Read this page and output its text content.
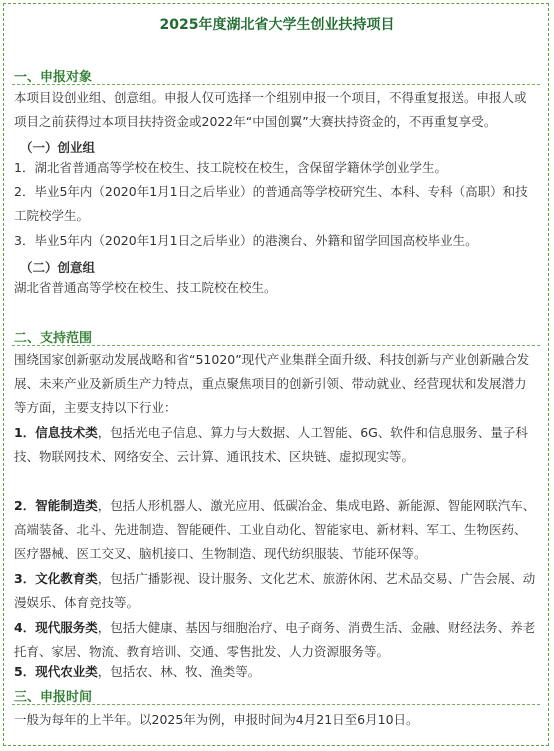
2025年度湖北省大学生创业扶持项目
一、申报对象
本项目设创业组、创意组。申报人仅可选择一个组别申报一个项目，不得重复报送。申报人或项目之前获得过本项目扶持资金或2022年“中国创翼”大赛扶持资金的，不再重复享受。
（一）创业组
1．湖北省普通高等学校在校生、技工院校在校生，含保留学籍休学创业学生。
2．毕业5年内（2020年1月1日之后毕业）的普通高等学校研究生、本科、专科（高职）和技工院校学生。
3．毕业5年内（2020年1月1日之后毕业）的港澳台、外籍和留学回国高校毕业生。
（二）创意组
湖北省普通高等学校在校生、技工院校在校生。
二、支持范围
围绕国家创新驱动发展战略和省“51020”现代产业集群全面升级、科技创新与产业创新融合发展、未来产业及新质生产力特点，重点聚焦项目的创新引领、带动就业、经营现状和发展潜力等方面，主要支持以下行业：
1．信息技术类，包括光电子信息、算力与大数据、人工智能、6G、软件和信息服务、量子科技、物联网技术、网络安全、云计算、通讯技术、区块链、虚拟现实等。
2．智能制造类，包括人形机器人、激光应用、低碳冶金、集成电路、新能源、智能网联汽车、高端装备、北斗、先进制造、智能硬件、工业自动化、智能家电、新材料、军工、生物医药、医疗器械、医工交叉、脑机接口、生物制造、现代纺织服装、节能环保等。
3．文化教育类，包括广播影视、设计服务、文化艺术、旅游休闲、艺术品交易、广告会展、动漫娱乐、体育竞技等。
4．现代服务类，包括大健康、基因与细胞治疗、电子商务、消费生活、金融、财经法务、养老托育、家居、物流、教育培训、交通、零售批发、人力资源服务等。
5．现代农业类，包括农、林、牧、渔类等。
三、申报时间
一般为每年的上半年。以2025年为例，申报时间为4月21日至6月10日。
